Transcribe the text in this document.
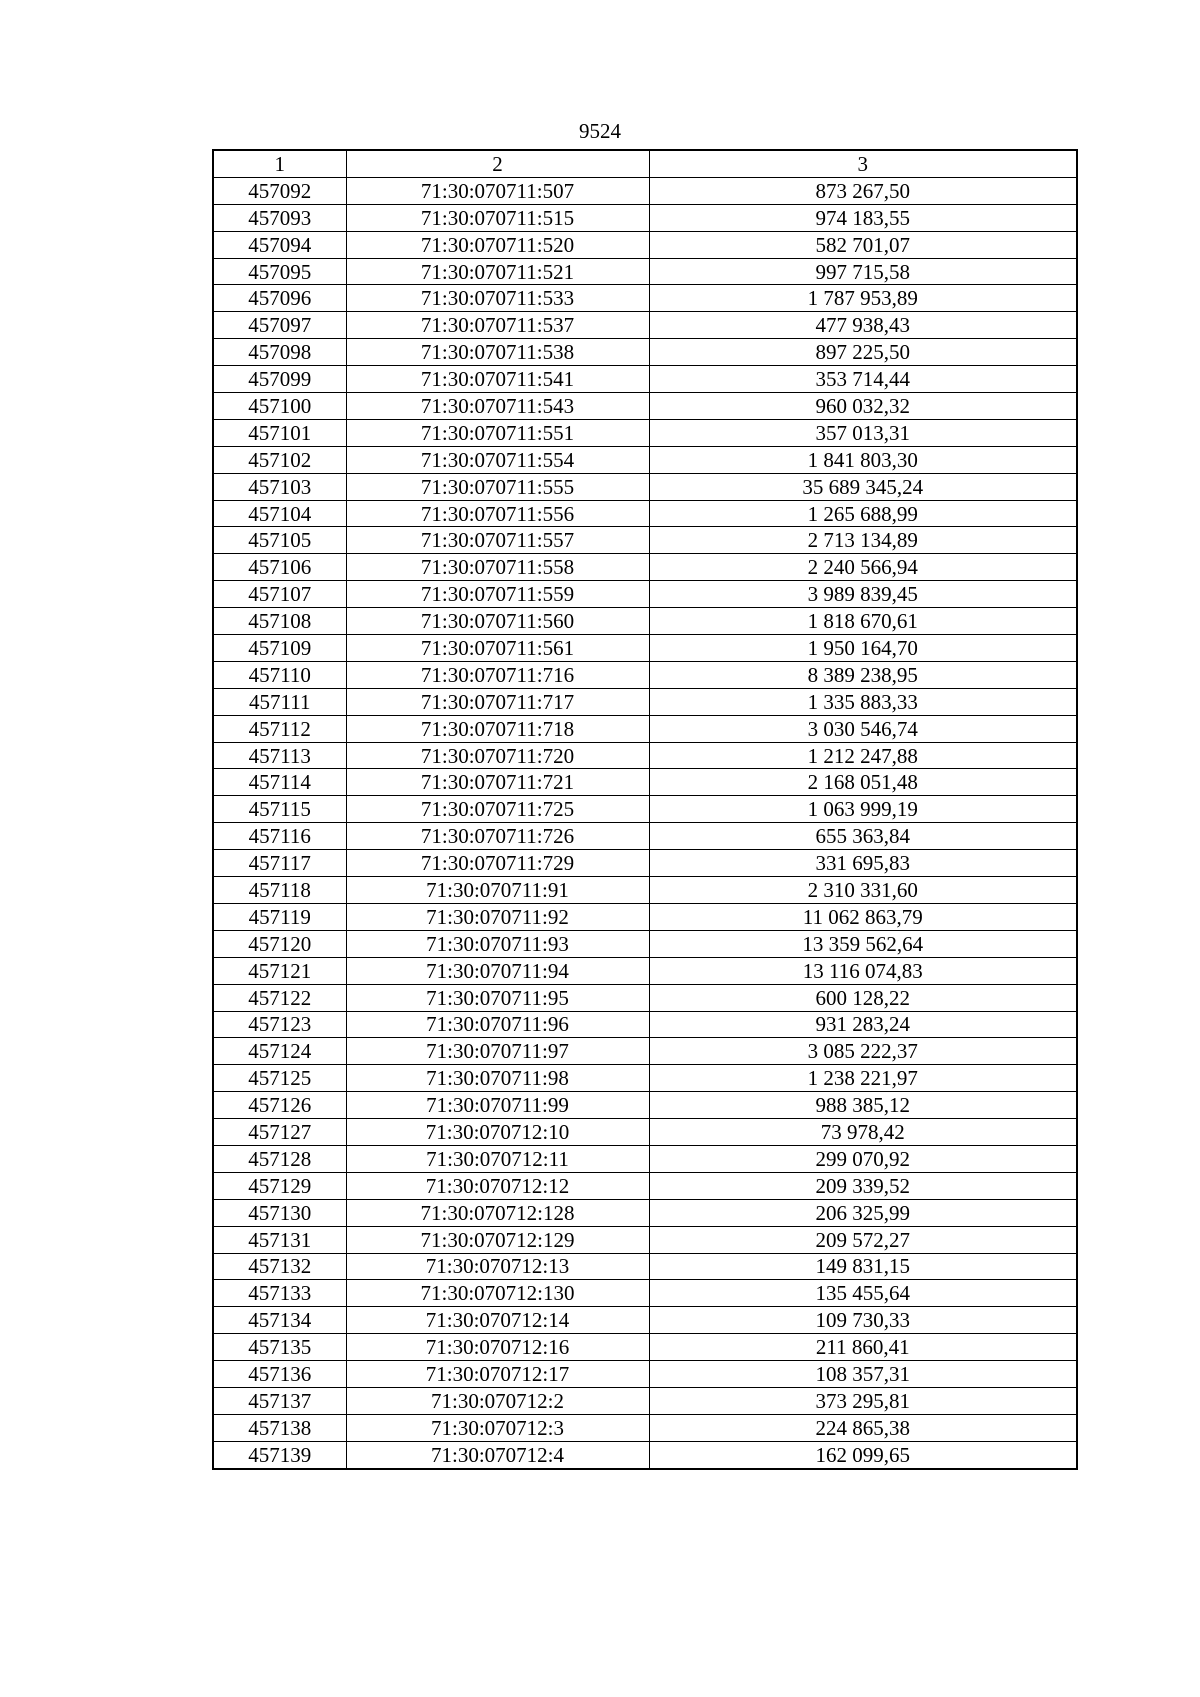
9524
1	2	3
457092	71:30:070711:507	873 267,50
457093	71:30:070711:515	974 183,55
457094	71:30:070711:520	582 701,07
457095	71:30:070711:521	997 715,58
457096	71:30:070711:533	1 787 953,89
457097	71:30:070711:537	477 938,43
457098	71:30:070711:538	897 225,50
457099	71:30:070711:541	353 714,44
457100	71:30:070711:543	960 032,32
457101	71:30:070711:551	357 013,31
457102	71:30:070711:554	1 841 803,30
457103	71:30:070711:555	35 689 345,24
457104	71:30:070711:556	1 265 688,99
457105	71:30:070711:557	2 713 134,89
457106	71:30:070711:558	2 240 566,94
457107	71:30:070711:559	3 989 839,45
457108	71:30:070711:560	1 818 670,61
457109	71:30:070711:561	1 950 164,70
457110	71:30:070711:716	8 389 238,95
457111	71:30:070711:717	1 335 883,33
457112	71:30:070711:718	3 030 546,74
457113	71:30:070711:720	1 212 247,88
457114	71:30:070711:721	2 168 051,48
457115	71:30:070711:725	1 063 999,19
457116	71:30:070711:726	655 363,84
457117	71:30:070711:729	331 695,83
457118	71:30:070711:91	2 310 331,60
457119	71:30:070711:92	11 062 863,79
457120	71:30:070711:93	13 359 562,64
457121	71:30:070711:94	13 116 074,83
457122	71:30:070711:95	600 128,22
457123	71:30:070711:96	931 283,24
457124	71:30:070711:97	3 085 222,37
457125	71:30:070711:98	1 238 221,97
457126	71:30:070711:99	988 385,12
457127	71:30:070712:10	73 978,42
457128	71:30:070712:11	299 070,92
457129	71:30:070712:12	209 339,52
457130	71:30:070712:128	206 325,99
457131	71:30:070712:129	209 572,27
457132	71:30:070712:13	149 831,15
457133	71:30:070712:130	135 455,64
457134	71:30:070712:14	109 730,33
457135	71:30:070712:16	211 860,41
457136	71:30:070712:17	108 357,31
457137	71:30:070712:2	373 295,81
457138	71:30:070712:3	224 865,38
457139	71:30:070712:4	162 099,65
